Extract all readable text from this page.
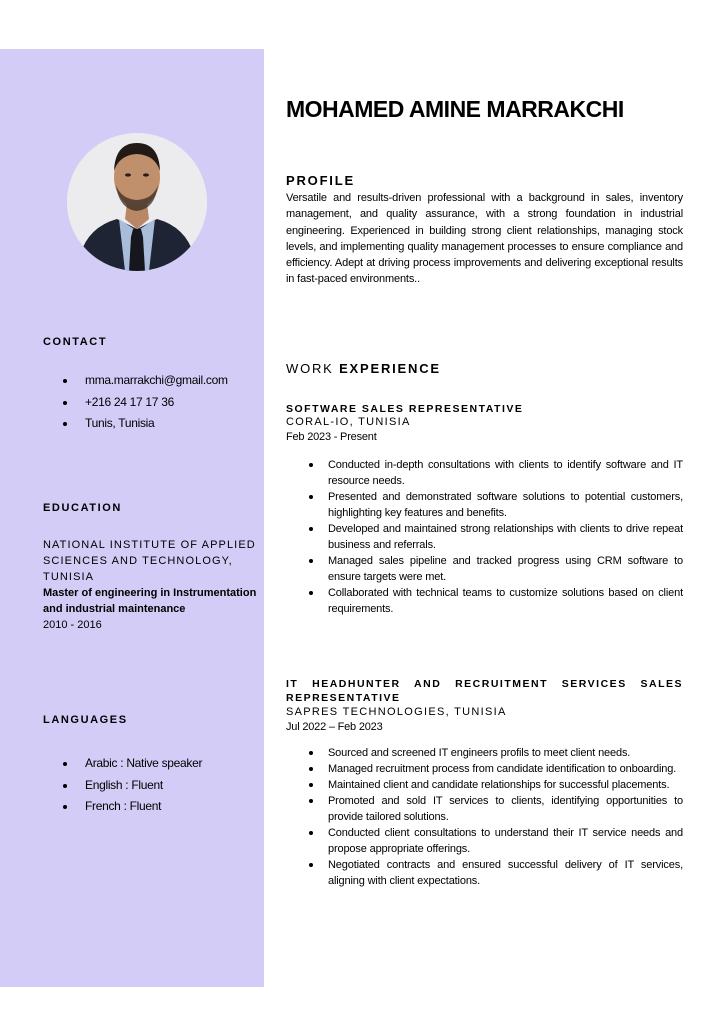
CONTACT
mma.marrakchi@gmail.com
+216 24 17 17 36
Tunis, Tunisia
EDUCATION
NATIONAL INSTITUTE OF APPLIED SCIENCES AND TECHNOLOGY, TUNISIA
Master of engineering in Instrumentation and industrial maintenance
2010 - 2016
LANGUAGES
Arabic : Native speaker
English : Fluent
French : Fluent
MOHAMED AMINE MARRAKCHI
PROFILE
Versatile and results-driven professional with a background in sales, inventory management, and quality assurance, with a strong foundation in industrial engineering. Experienced in building strong client relationships, managing stock levels, and implementing quality management processes to ensure compliance and efficiency. Adept at driving process improvements and delivering exceptional results in fast-paced environments..
WORK EXPERIENCE
SOFTWARE SALES REPRESENTATIVE
CORAL-IO, TUNISIA
Feb 2023 - Present
Conducted in-depth consultations with clients to identify software and IT resource needs.
Presented and demonstrated software solutions to potential customers, highlighting key features and benefits.
Developed and maintained strong relationships with clients to drive repeat business and referrals.
Managed sales pipeline and tracked progress using CRM software to ensure targets were met.
Collaborated with technical teams to customize solutions based on client requirements.
IT HEADHUNTER AND RECRUITMENT SERVICES SALES REPRESENTATIVE
SAPRES TECHNOLOGIES, TUNISIA
Jul 2022 – Feb 2023
Sourced and screened IT engineers profils to meet client needs.
Managed recruitment process from candidate identification to onboarding.
Maintained client and candidate relationships for successful placements.
Promoted and sold IT services to clients, identifying opportunities to provide tailored solutions.
Conducted client consultations to understand their IT service needs and propose appropriate offerings.
Negotiated contracts and ensured successful delivery of IT services, aligning with client expectations.
